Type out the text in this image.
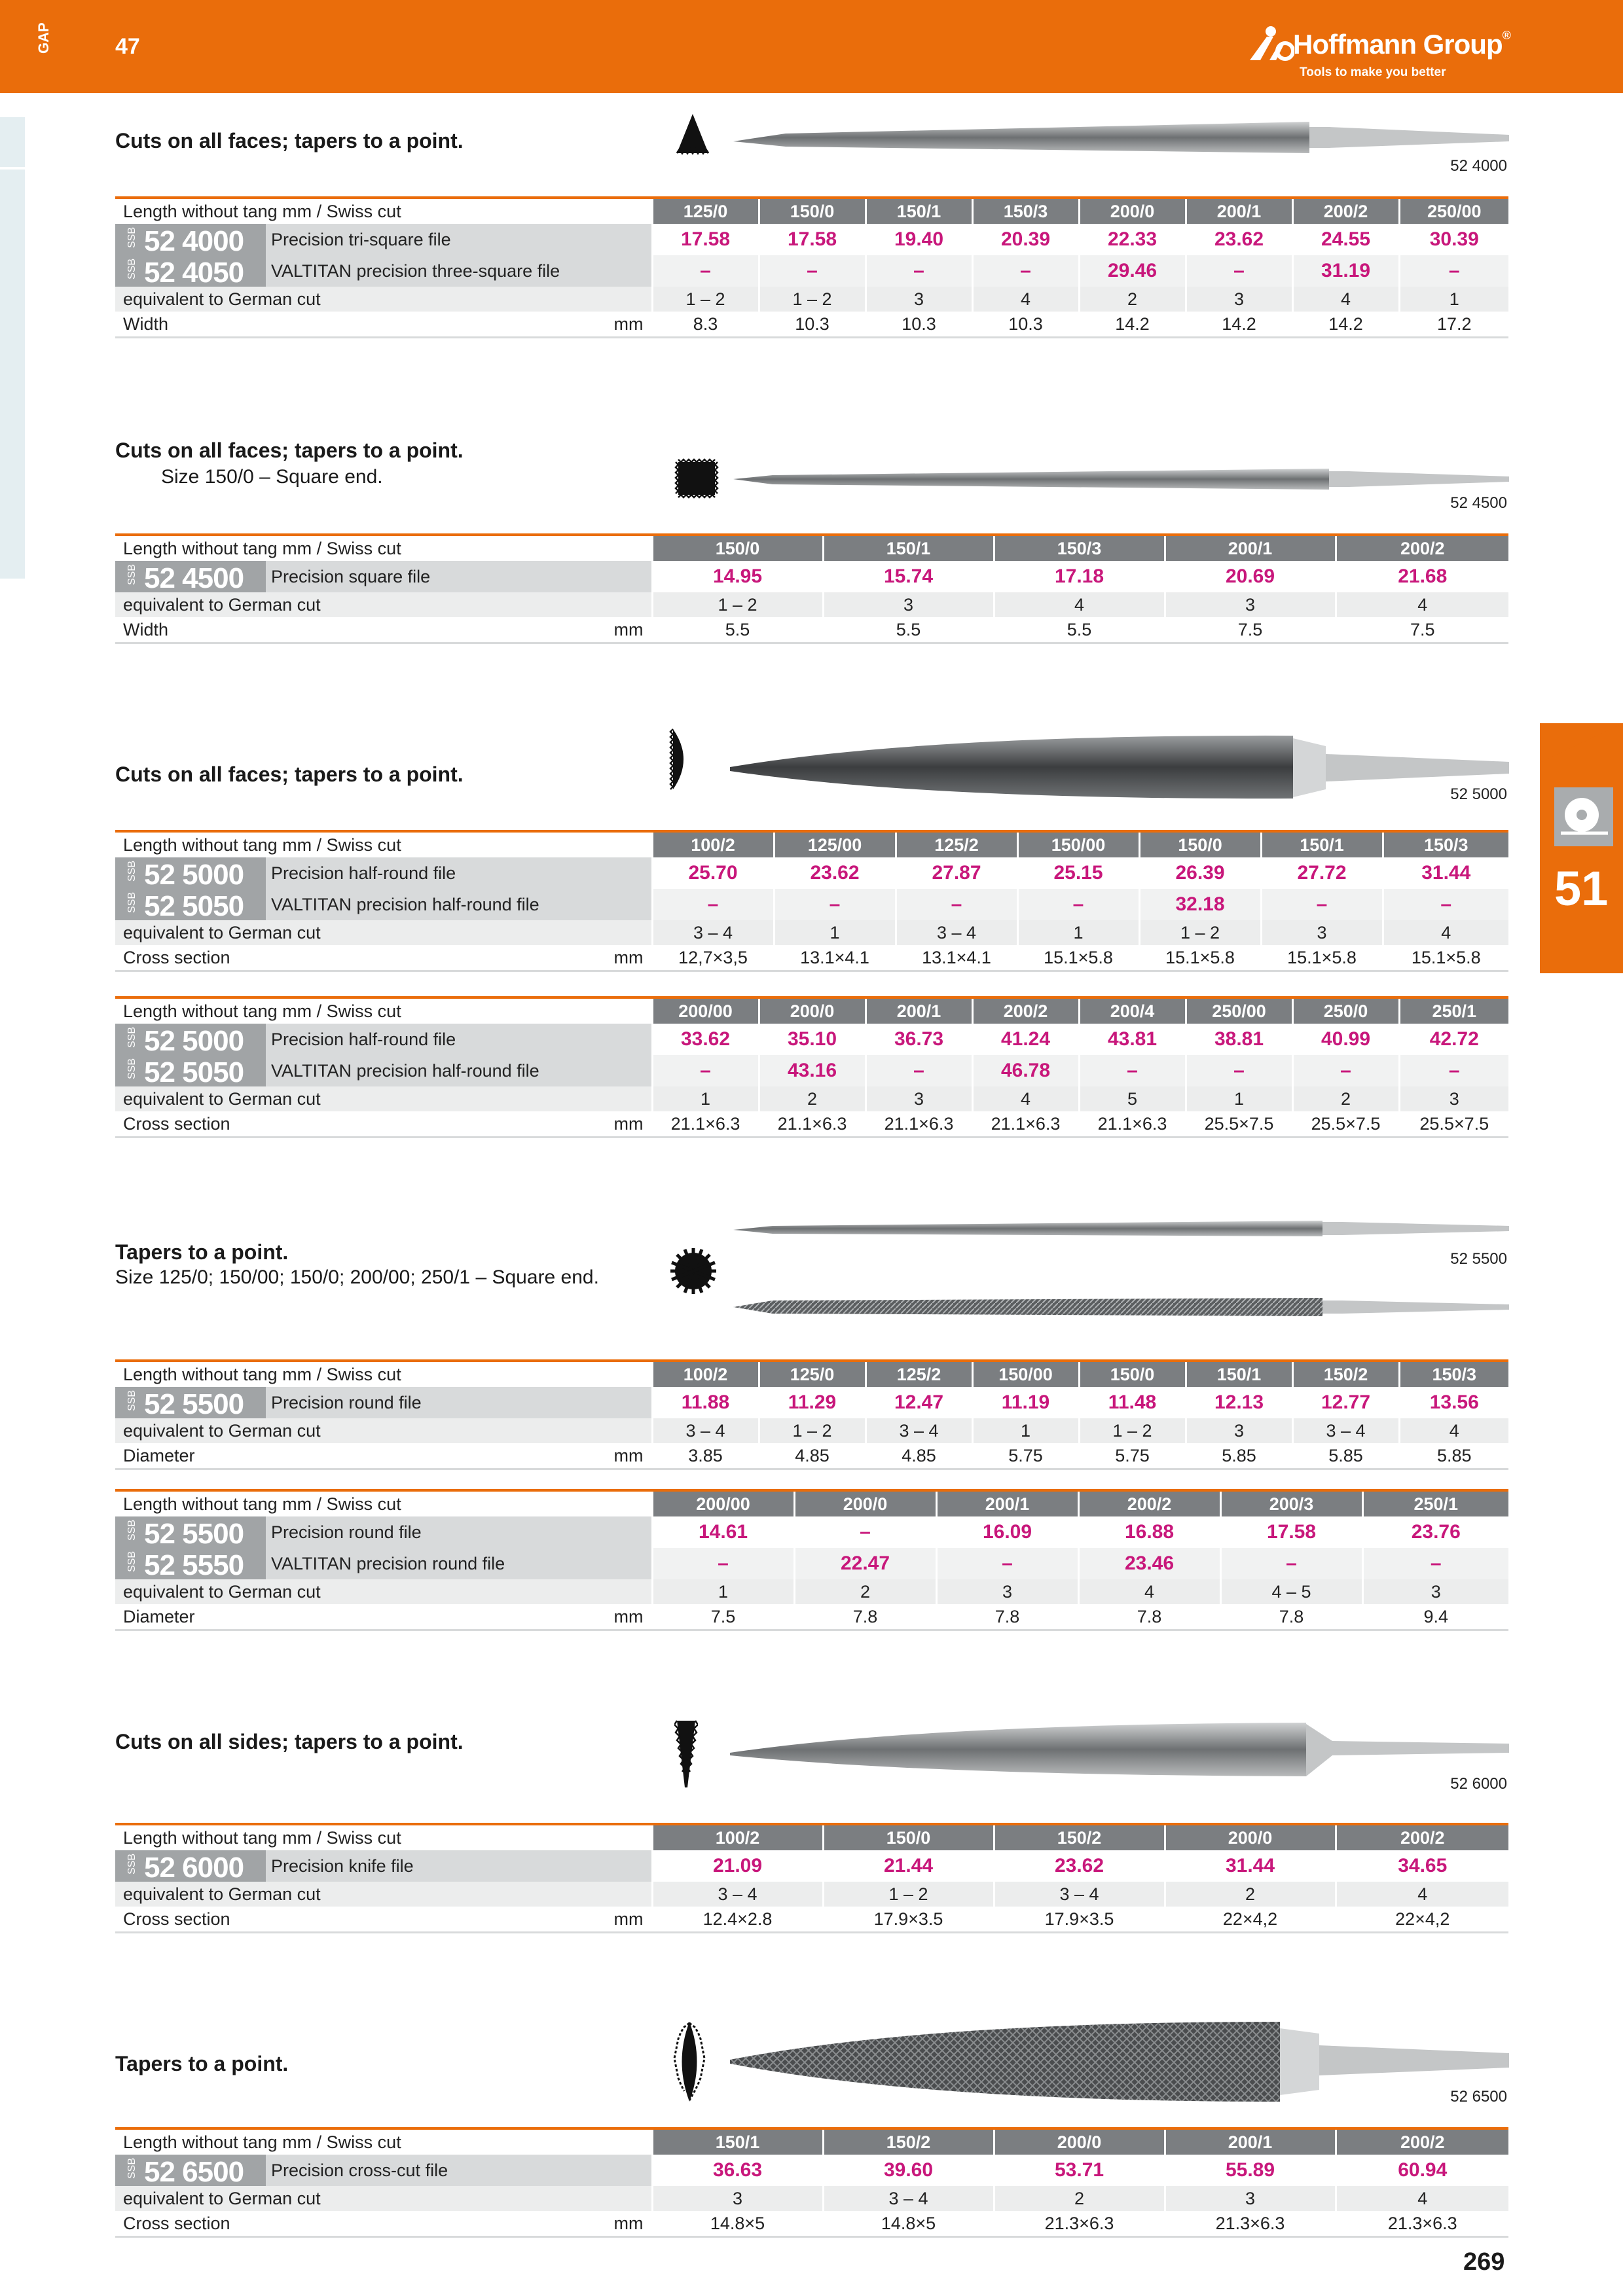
GAP	47	Hoffmann Group®
Tools to make you better
51
Cuts on all faces; tapers to a point.
52 4000
Length without tang mm / Swiss cut		125/0	150/0	150/1	150/3	200/0	200/1	200/2	250/00

SSB 52 4000	Precision tri-square file	17.58	17.58	19.40	20.39	22.33	23.62	24.55	30.39

SSB 52 4050	VALTITAN precision three-square file	–	–	–	–	29.46	–	31.19	–
equivalent to German cut		1 – 2	1 – 2	3	4	2	3	4	1
Width	mm	8.3	10.3	10.3	10.3	14.2	14.2	14.2	17.2
Cuts on all faces; tapers to a point.
Size 150/0 – Square end.
52 4500
Length without tang mm / Swiss cut		150/0	150/1	150/3	200/1	200/2

SSB 52 4500	Precision square file	14.95	15.74	17.18	20.69	21.68
equivalent to German cut		1 – 2	3	4	3	4
Width	mm	5.5	5.5	5.5	7.5	7.5
Cuts on all faces; tapers to a point.
52 5000
Length without tang mm / Swiss cut		100/2	125/00	125/2	150/00	150/0	150/1	150/3

SSB 52 5000	Precision half-round file	25.70	23.62	27.87	25.15	26.39	27.72	31.44

SSB 52 5050	VALTITAN precision half-round file	–	–	–	–	32.18	–	–
equivalent to German cut		3 – 4	1	3 – 4	1	1 – 2	3	4
Cross section	mm	12,7×3,5	13.1×4.1	13.1×4.1	15.1×5.8	15.1×5.8	15.1×5.8	15.1×5.8
Length without tang mm / Swiss cut		200/00	200/0	200/1	200/2	200/4	250/00	250/0	250/1

SSB 52 5000	Precision half-round file	33.62	35.10	36.73	41.24	43.81	38.81	40.99	42.72

SSB 52 5050	VALTITAN precision half-round file	–	43.16	–	46.78	–	–	–	–
equivalent to German cut		1	2	3	4	5	1	2	3
Cross section	mm	21.1×6.3	21.1×6.3	21.1×6.3	21.1×6.3	21.1×6.3	25.5×7.5	25.5×7.5	25.5×7.5
Tapers to a point.
Size 125/0; 150/00; 150/0; 200/00; 250/1 – Square end.
52 5500
Length without tang mm / Swiss cut		100/2	125/0	125/2	150/00	150/0	150/1	150/2	150/3

SSB 52 5500	Precision round file	11.88	11.29	12.47	11.19	11.48	12.13	12.77	13.56
equivalent to German cut		3 – 4	1 – 2	3 – 4	1	1 – 2	3	3 – 4	4
Diameter	mm	3.85	4.85	4.85	5.75	5.75	5.85	5.85	5.85
Length without tang mm / Swiss cut		200/00	200/0	200/1	200/2	200/3	250/1

SSB 52 5500	Precision round file	14.61	–	16.09	16.88	17.58	23.76

SSB 52 5550	VALTITAN precision round file	–	22.47	–	23.46	–	–
equivalent to German cut		1	2	3	4	4 – 5	3
Diameter	mm	7.5	7.8	7.8	7.8	7.8	9.4
Cuts on all sides; tapers to a point.
52 6000
Length without tang mm / Swiss cut		100/2	150/0	150/2	200/0	200/2

SSB 52 6000	Precision knife file	21.09	21.44	23.62	31.44	34.65
equivalent to German cut		3 – 4	1 – 2	3 – 4	2	4
Cross section	mm	12.4×2.8	17.9×3.5	17.9×3.5	22×4,2	22×4,2
Tapers to a point.
52 6500
Length without tang mm / Swiss cut		150/1	150/2	200/0	200/1	200/2

SSB 52 6500	Precision cross-cut file	36.63	39.60	53.71	55.89	60.94
equivalent to German cut		3	3 – 4	2	3	4
Cross section	mm	14.8×5	14.8×5	21.3×6.3	21.3×6.3	21.3×6.3
269
